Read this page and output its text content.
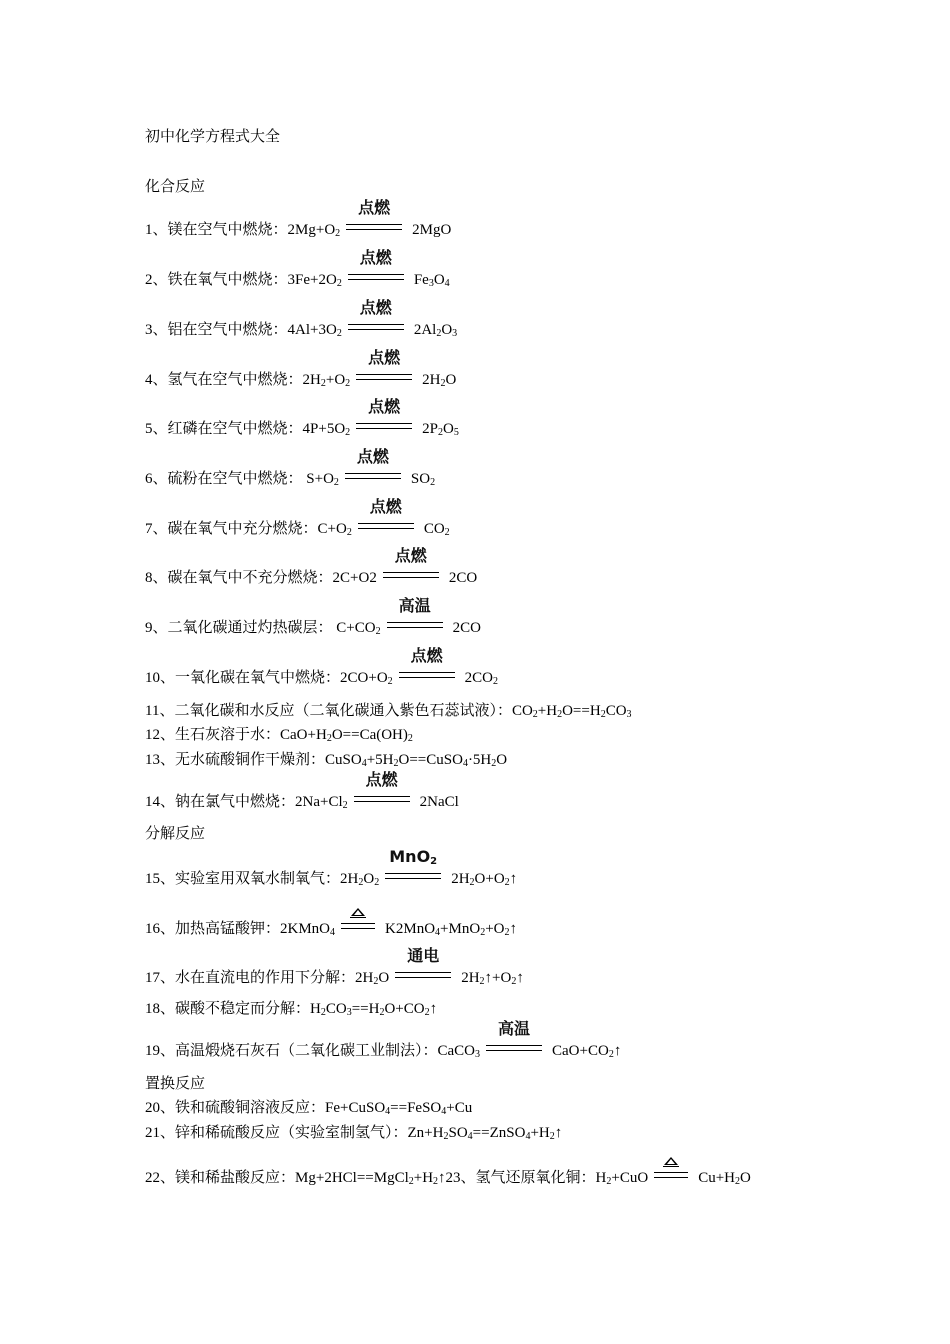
初中化学方程式大全
化合反应
1、镁在空气中燃烧：$2Mg+O_2$
点燃
2MgO
2、铁在氧气中燃烧：$3Fe+2O_2$
点燃
$Fe_3O_4$
3、铝在空气中燃烧：$4Al+3O_2$
点燃
$2Al_2O_3$
4、氢气在空气中燃烧：$2H_2+O_2$
点燃
$2H_2O$
5、红磷在空气中燃烧：$4P+5O_2$
点燃
$2P_2O_5$
6、硫粉在空气中燃烧： $S+O_2$
点燃
$SO_2$
7、碳在氧气中充分燃烧：$C+O_2$
点燃
$CO_2$
8、碳在氧气中不充分燃烧：2C+O2
点燃
2CO
9、二氧化碳通过灼热碳层： $C+CO_2$
高温
2CO
10、一氧化碳在氧气中燃烧：$2CO+O_2$
点燃
$2CO_2$
11、二氧化碳和水反应（二氧化碳通入紫色石蕊试液）：$CO_2+H_2O==H_2CO_3$
12、生石灰溶于水：$CaO+H_2O==Ca(OH)_2$
13、无水硫酸铜作干燥剂：$CuSO_4+5H_2O==CuSO_4\cdot 5H_2O$
14、钠在氯气中燃烧：$2Na+Cl_2$
点燃
2NaCl
分解反应
15、实验室用双氧水制氧气：$2H_2O_2$
MnO$_2$
$2H_2O+O_2↑$
16、加热高锰酸钾：2KMnO$_4$	$K2MnO_4+MnO_2+O_2↑$
17、水在直流电的作用下分解：$2H_2O$
通电
$2H_2↑+O_2↑$
18、碳酸不稳定而分解：$H_2CO_3==H_2O+CO_2↑$
19、高温煅烧石灰石（二氧化碳工业制法）：CaCO$_3$
高温
$CaO+CO_2↑$
置换反应
20、铁和硫酸铜溶液反应：Fe+CuSO$_4$==FeSO$_4$+Cu
21、锌和稀硫酸反应（实验室制氢气）：$Zn+H_2SO_4==ZnSO_4+H_2↑$
22、镁和稀盐酸反应：$Mg+2HCl==MgCl_2+H_2↑23$、氢气还原氧化铜：$H_2+CuO$	$Cu+H_2O$
